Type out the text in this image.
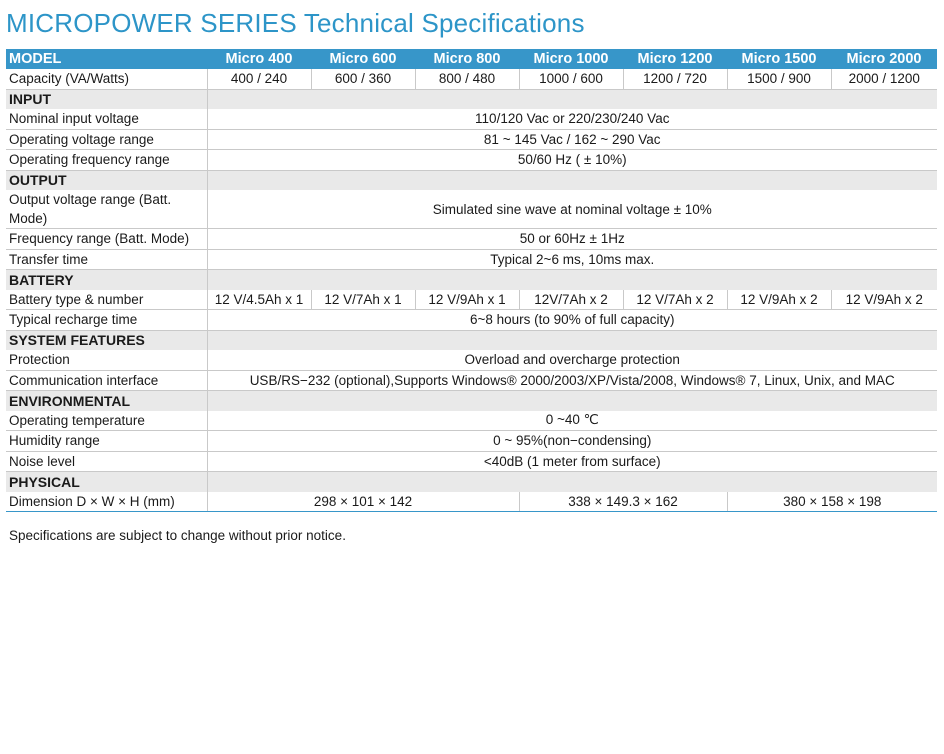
MICROPOWER SERIES Technical Specifications
MODEL	Micro 400	Micro 600	Micro 800	Micro 1000	Micro 1200	Micro 1500	Micro 2000
Capacity (VA/Watts)	400 / 240	600 / 360	800 / 480	1000 / 600	1200 / 720	1500 / 900	2000 / 1200
INPUT							
Nominal input voltage	110/120 Vac or 220/230/240 Vac						
Operating voltage range	81 ~ 145 Vac / 162 ~ 290 Vac						
Operating frequency range	50/60 Hz ( ± 10%)						
OUTPUT							
Output voltage range (Batt. Mode)	Simulated sine wave at nominal voltage ± 10%						
Frequency range (Batt. Mode)	50 or 60Hz ± 1Hz						
Transfer time	Typical 2~6 ms, 10ms max.						
BATTERY							
Battery type & number	12 V/4.5Ah x 1	12 V/7Ah x 1	12 V/9Ah x 1	12V/7Ah x 2	12 V/7Ah x 2	12 V/9Ah x 2	12 V/9Ah x 2
Typical recharge time	6~8 hours (to 90% of full capacity)						
SYSTEM FEATURES							
Protection	Overload and overcharge protection						
Communication interface	USB/RS−232 (optional),Supports Windows® 2000/2003/XP/Vista/2008, Windows® 7, Linux, Unix, and MAC						
ENVIRONMENTAL							
Operating temperature	0 ~40 ℃						
Humidity range	0 ~ 95%(non−condensing)						
Noise level	<40dB (1 meter from surface)						
PHYSICAL							
Dimension D × W × H (mm)	298 × 101 × 142			338 × 149.3 × 162		380 × 158 × 198	
Specifications are subject to change without prior notice.
